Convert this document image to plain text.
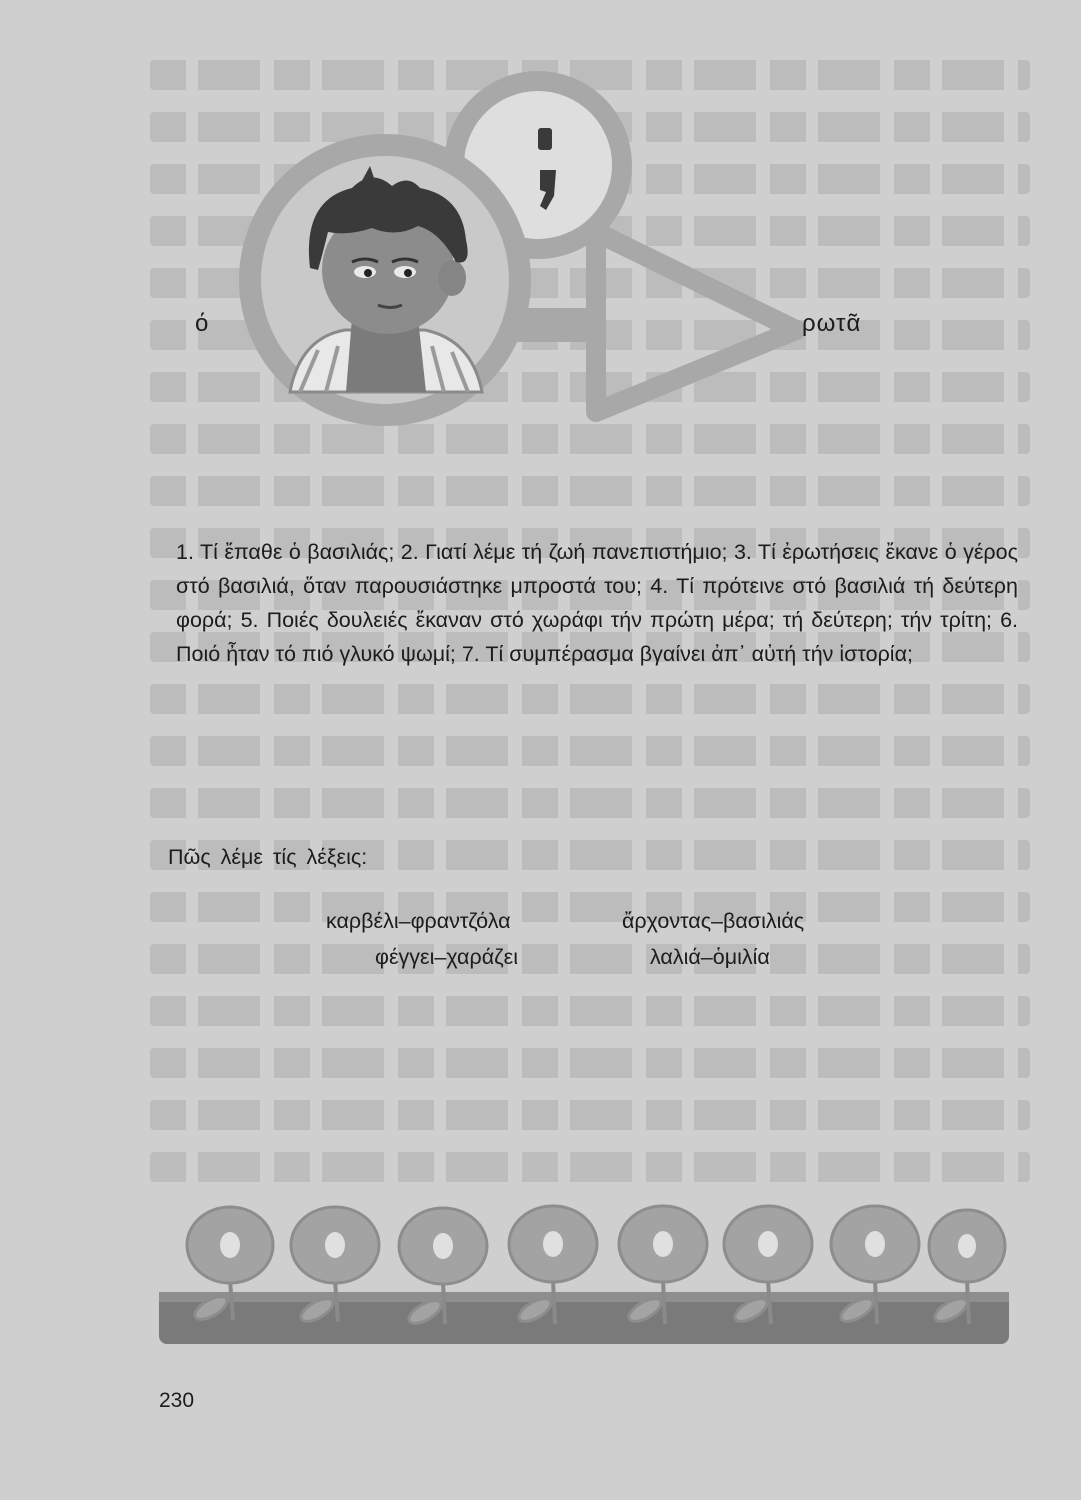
ό	ρωτᾶ

1. Τί ἔπαθε ὁ βασιλιάς; 2. Γιατί λέμε τή ζωή πανεπιστήμιο; 3. Τί ἐρωτήσεις ἔκανε ὁ γέρος στό βασιλιά, ὅταν παρουσιάστηκε μπροστά του; 4. Τί πρότεινε στό βασιλιά τή δεύτερη φορά; 5. Ποιές δουλειές ἔκαναν στό χωράφι τήν πρώτη μέρα; τή δεύτερη; τήν τρίτη; 6. Ποιό ἦταν τό πιό γλυκό ψωμί; 7. Τί συμπέρασμα βγαίνει ἀπ᾽ αὐτή τήν ἱστορία;

Πῶς λέμε τίς λέξεις:
καρβέλι–φραντζόλα	ἄρχοντας–βασιλιάς
φέγγει–χαράζει	λαλιά–ὁμιλία
230
